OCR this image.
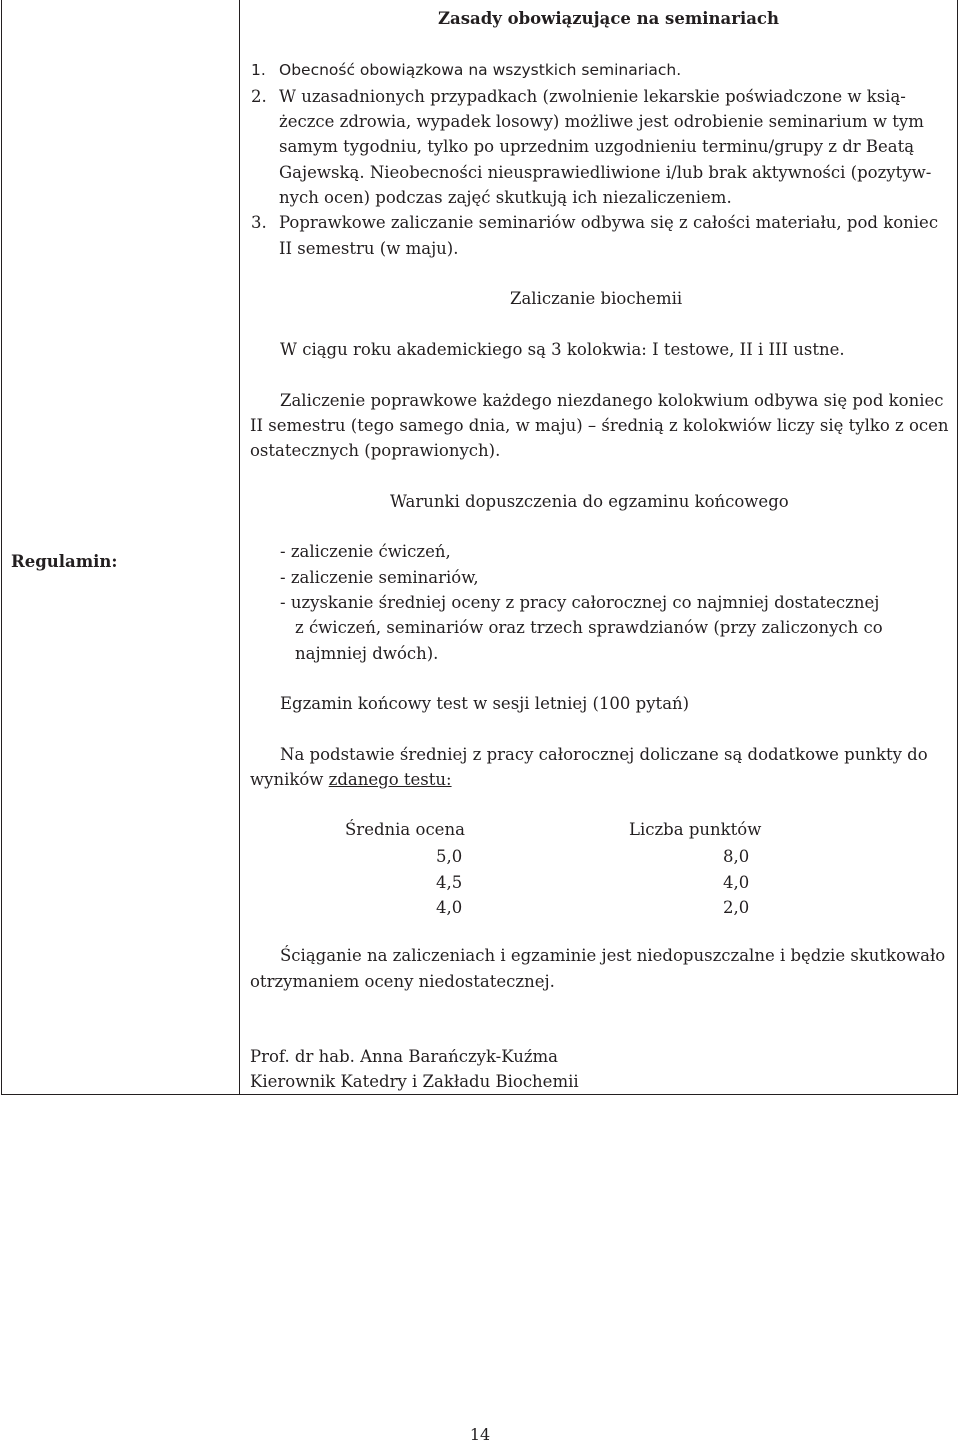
Regulamin:
Zasady obowiązujące na seminariach
1. Obecność obowiązkowa na wszystkich seminariach.
2. W uzasadnionych przypadkach (zwolnienie lekarskie poświadczone w ksią-
żeczce zdrowia, wypadek losowy) możliwe jest odrobienie seminarium w tym
samym tygodniu, tylko po uprzednim uzgodnieniu terminu/grupy z dr Beatą
Gajewską. Nieobecności nieusprawiedliwione i/lub brak aktywności (pozytyw-
nych ocen) podczas zajęć skutkują ich niezaliczeniem.
3. Poprawkowe zaliczanie seminariów odbywa się z całości materiału, pod koniec
II semestru (w maju).
Zaliczanie biochemii
W ciągu roku akademickiego są 3 kolokwia: I testowe, II i III ustne.
Zaliczenie poprawkowe każdego niezdanego kolokwium odbywa się pod koniec
II semestru (tego samego dnia, w maju) – średnią z kolokwiów liczy się tylko z ocen
ostatecznych (poprawionych).
Warunki dopuszczenia do egzaminu końcowego
- zaliczenie ćwiczeń,
- zaliczenie seminariów,
- uzyskanie średniej oceny z pracy całorocznej co najmniej dostatecznej
z ćwiczeń, seminariów oraz trzech sprawdzianów (przy zaliczonych co
najmniej dwóch).
Egzamin końcowy test w sesji letniej (100 pytań)
Na podstawie średniej z pracy całorocznej doliczane są dodatkowe punkty do
wyników zdanego testu:
Średnia ocena	Liczba punktów
5,0	8,0
4,5	4,0
4,0	2,0
Ściąganie na zaliczeniach i egzaminie jest niedopuszczalne i będzie skutkowało
otrzymaniem oceny niedostatecznej.
Prof. dr hab. Anna Barańczyk-Kuźma
Kierownik Katedry i Zakładu Biochemii
14
